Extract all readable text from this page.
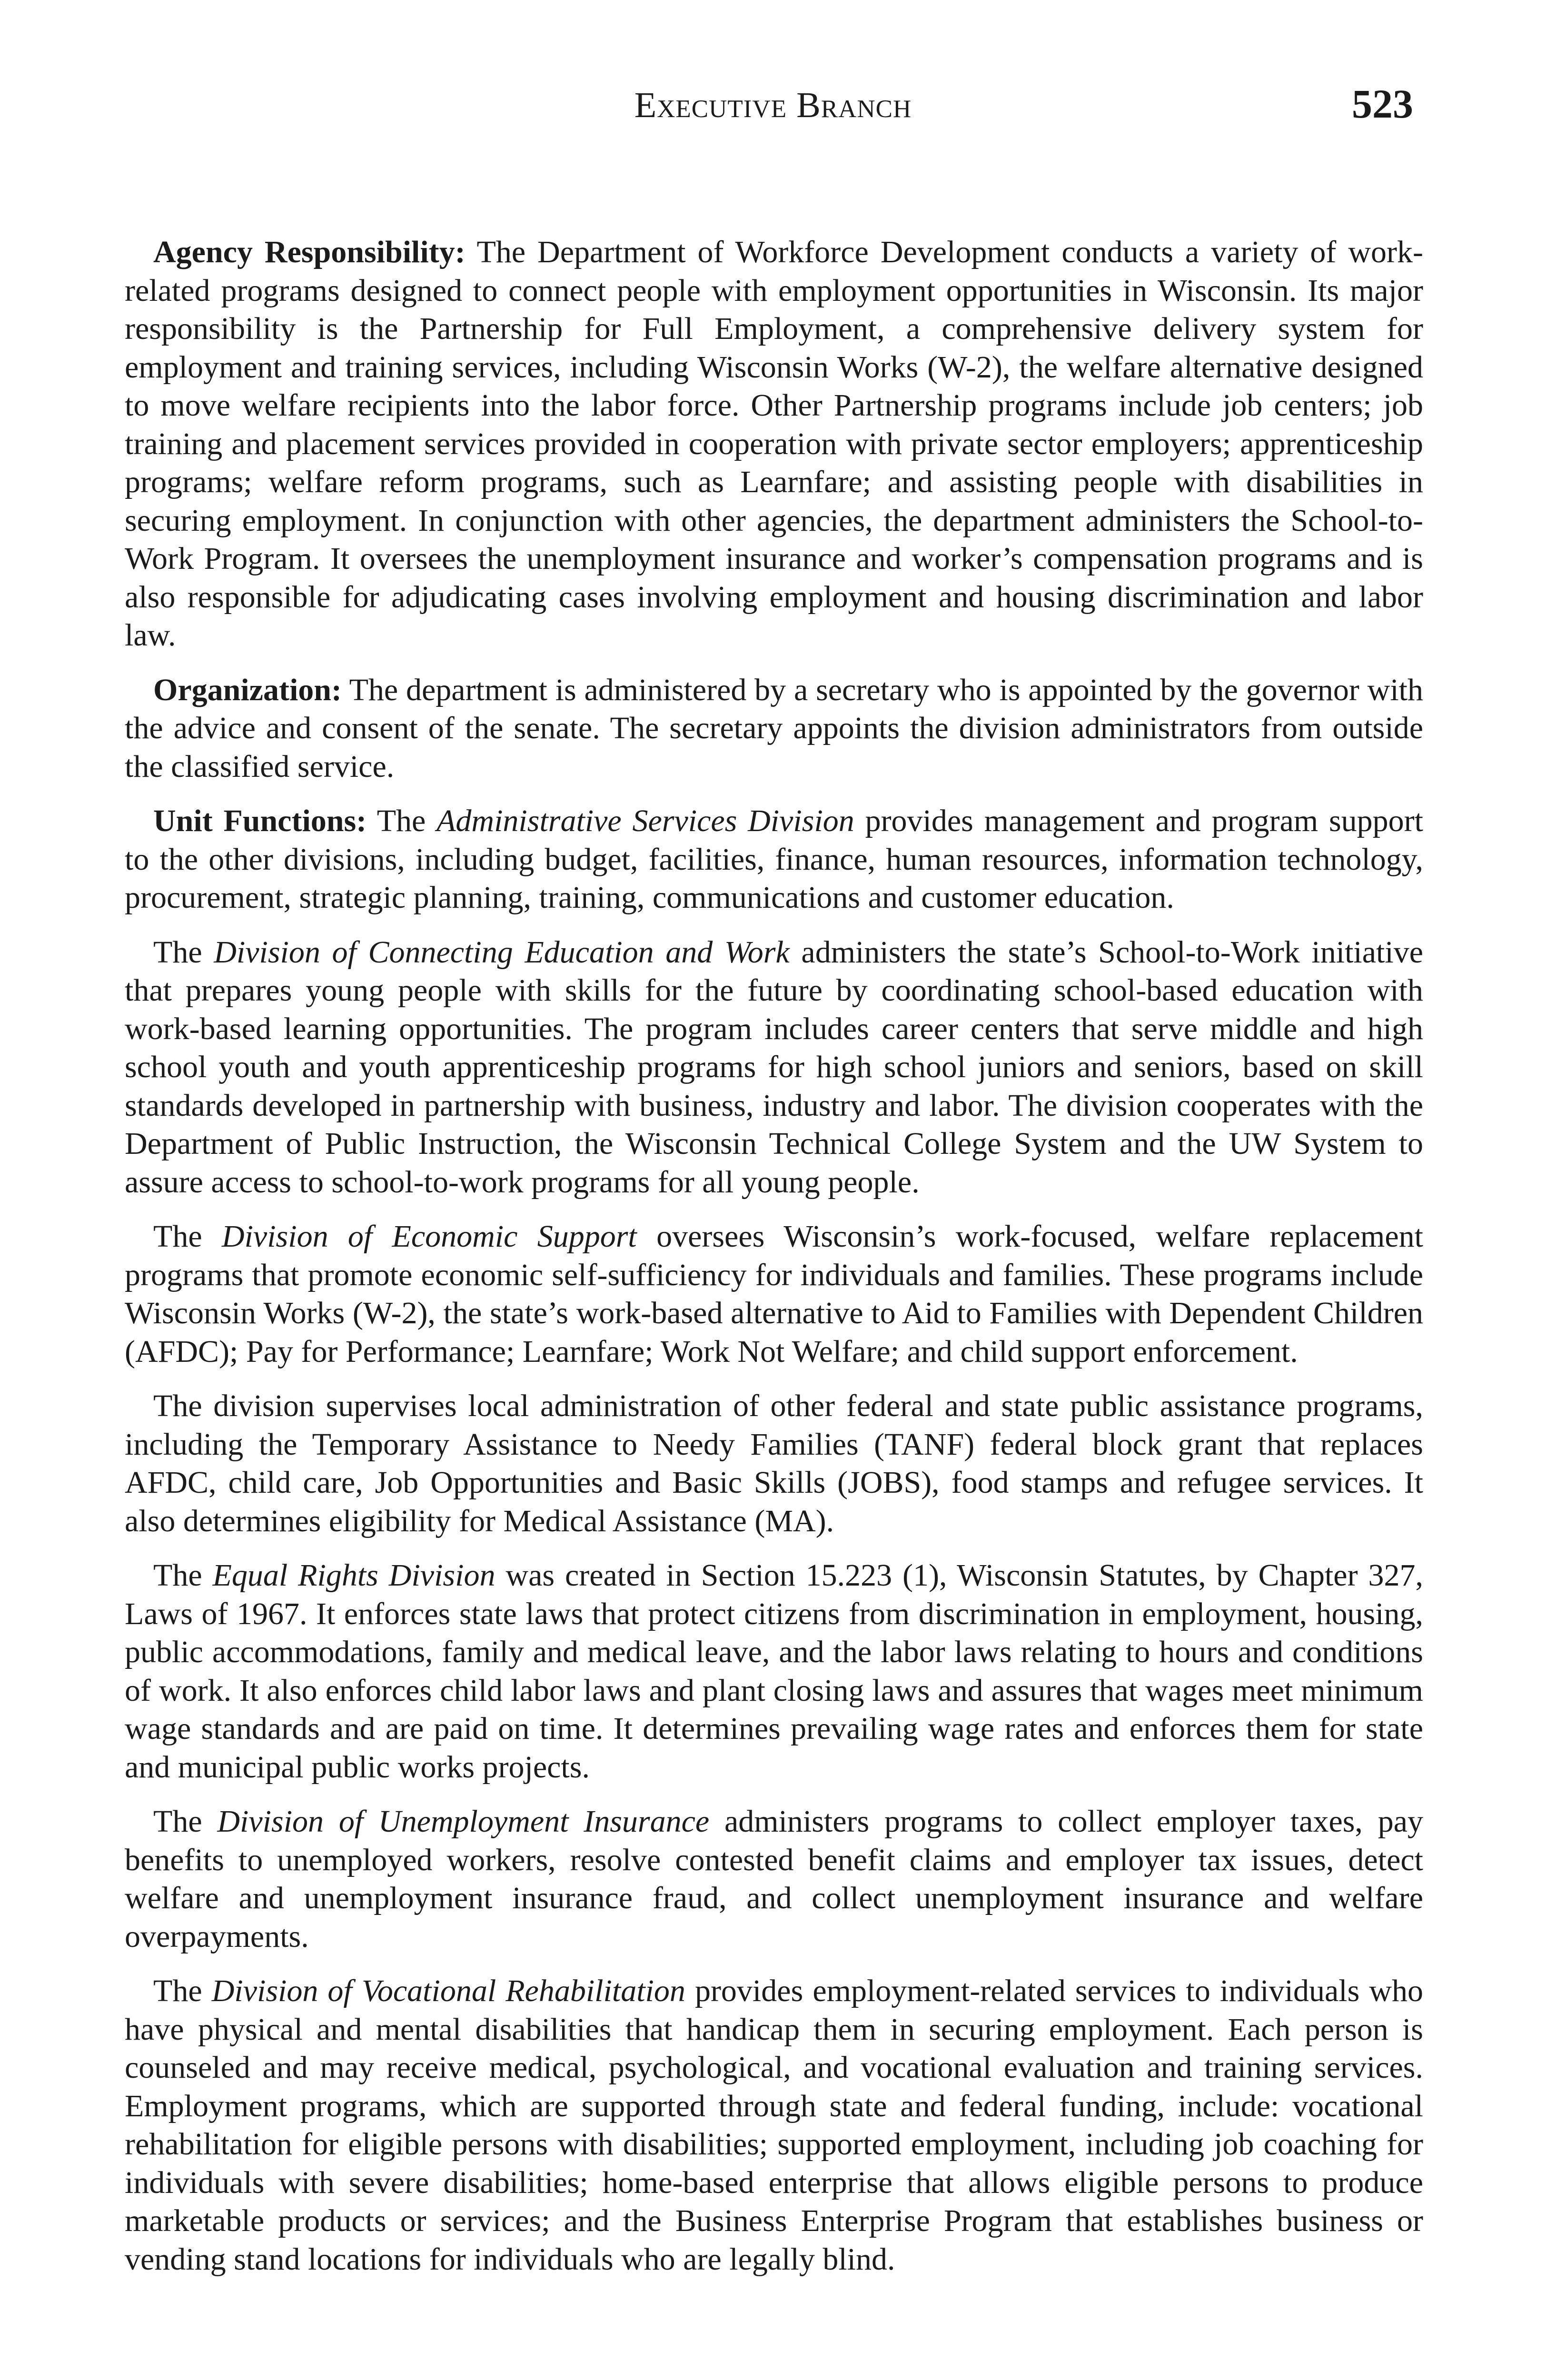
Executive Branch	523

Agency Responsibility: The Department of Workforce Development conducts a variety of work-related programs designed to connect people with employment opportunities in Wisconsin. Its major responsibility is the Partnership for Full Employment, a comprehensive delivery system for employment and training services, including Wisconsin Works (W-2), the welfare alternative designed to move welfare recipients into the labor force. Other Partnership programs include job centers; job training and placement services provided in cooperation with private sector employers; apprenticeship programs; welfare reform programs, such as Learnfare; and assisting people with disabilities in securing employment. In conjunction with other agencies, the department administers the School-to-Work Program. It oversees the unemployment insurance and worker’s compensation programs and is also responsible for adjudicating cases involving employment and housing discrimination and labor law.

Organization: The department is administered by a secretary who is appointed by the governor with the advice and consent of the senate. The secretary appoints the division administrators from outside the classified service.

Unit Functions: The Administrative Services Division provides management and program support to the other divisions, including budget, facilities, finance, human resources, information technology, procurement, strategic planning, training, communications and customer education.

The Division of Connecting Education and Work administers the state’s School-to-Work initiative that prepares young people with skills for the future by coordinating school-based education with work-based learning opportunities. The program includes career centers that serve middle and high school youth and youth apprenticeship programs for high school juniors and seniors, based on skill standards developed in partnership with business, industry and labor. The division cooperates with the Department of Public Instruction, the Wisconsin Technical College System and the UW System to assure access to school-to-work programs for all young people.

The Division of Economic Support oversees Wisconsin’s work-focused, welfare replacement programs that promote economic self-sufficiency for individuals and families. These programs include Wisconsin Works (W-2), the state’s work-based alternative to Aid to Families with Dependent Children (AFDC); Pay for Performance; Learnfare; Work Not Welfare; and child support enforcement.

The division supervises local administration of other federal and state public assistance programs, including the Temporary Assistance to Needy Families (TANF) federal block grant that replaces AFDC, child care, Job Opportunities and Basic Skills (JOBS), food stamps and refugee services. It also determines eligibility for Medical Assistance (MA).

The Equal Rights Division was created in Section 15.223 (1), Wisconsin Statutes, by Chapter 327, Laws of 1967. It enforces state laws that protect citizens from discrimination in employment, housing, public accommodations, family and medical leave, and the labor laws relating to hours and conditions of work. It also enforces child labor laws and plant closing laws and assures that wages meet minimum wage standards and are paid on time. It determines prevailing wage rates and enforces them for state and municipal public works projects.

The Division of Unemployment Insurance administers programs to collect employer taxes, pay benefits to unemployed workers, resolve contested benefit claims and employer tax issues, detect welfare and unemployment insurance fraud, and collect unemployment insurance and welfare overpayments.

The Division of Vocational Rehabilitation provides employment-related services to individuals who have physical and mental disabilities that handicap them in securing employment. Each person is counseled and may receive medical, psychological, and vocational evaluation and training services. Employment programs, which are supported through state and federal funding, include: vocational rehabilitation for eligible persons with disabilities; supported employment, including job coaching for individuals with severe disabilities; home-based enterprise that allows eligible persons to produce marketable products or services; and the Business Enterprise Program that establishes business or vending stand locations for individuals who are legally blind.
